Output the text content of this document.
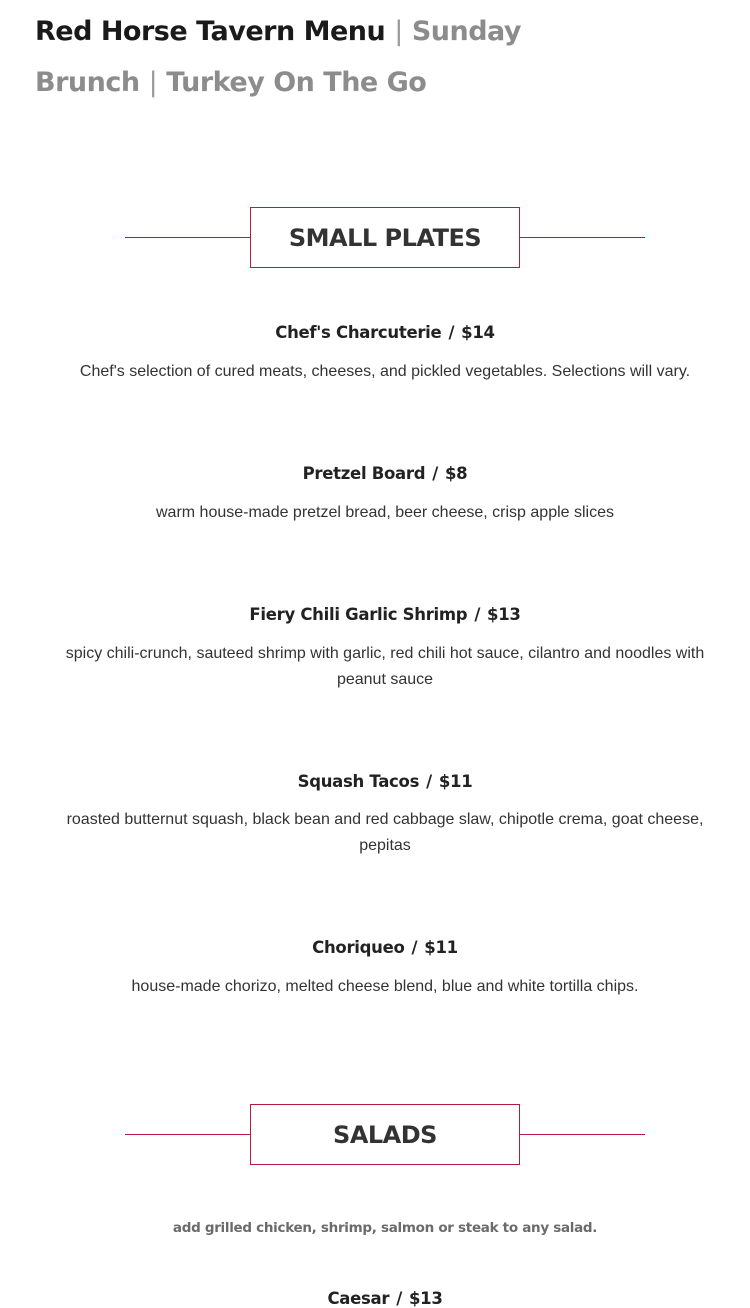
Red Horse Tavern Menu | Sunday Brunch | Turkey On The Go
SMALL PLATES
Chef's Charcuterie / $14
Chef's selection of cured meats, cheeses, and pickled vegetables. Selections will vary.
Pretzel Board / $8
warm house-made pretzel bread, beer cheese, crisp apple slices
Fiery Chili Garlic Shrimp / $13
spicy chili-crunch, sauteed shrimp with garlic, red chili hot sauce, cilantro and noodles with peanut sauce
Squash Tacos / $11
roasted butternut squash, black bean and red cabbage slaw, chipotle crema, goat cheese, pepitas
Choriqueo / $11
house-made chorizo, melted cheese blend, blue and white tortilla chips.
SALADS
add grilled chicken, shrimp, salmon or steak to any salad.
Caesar / $13
